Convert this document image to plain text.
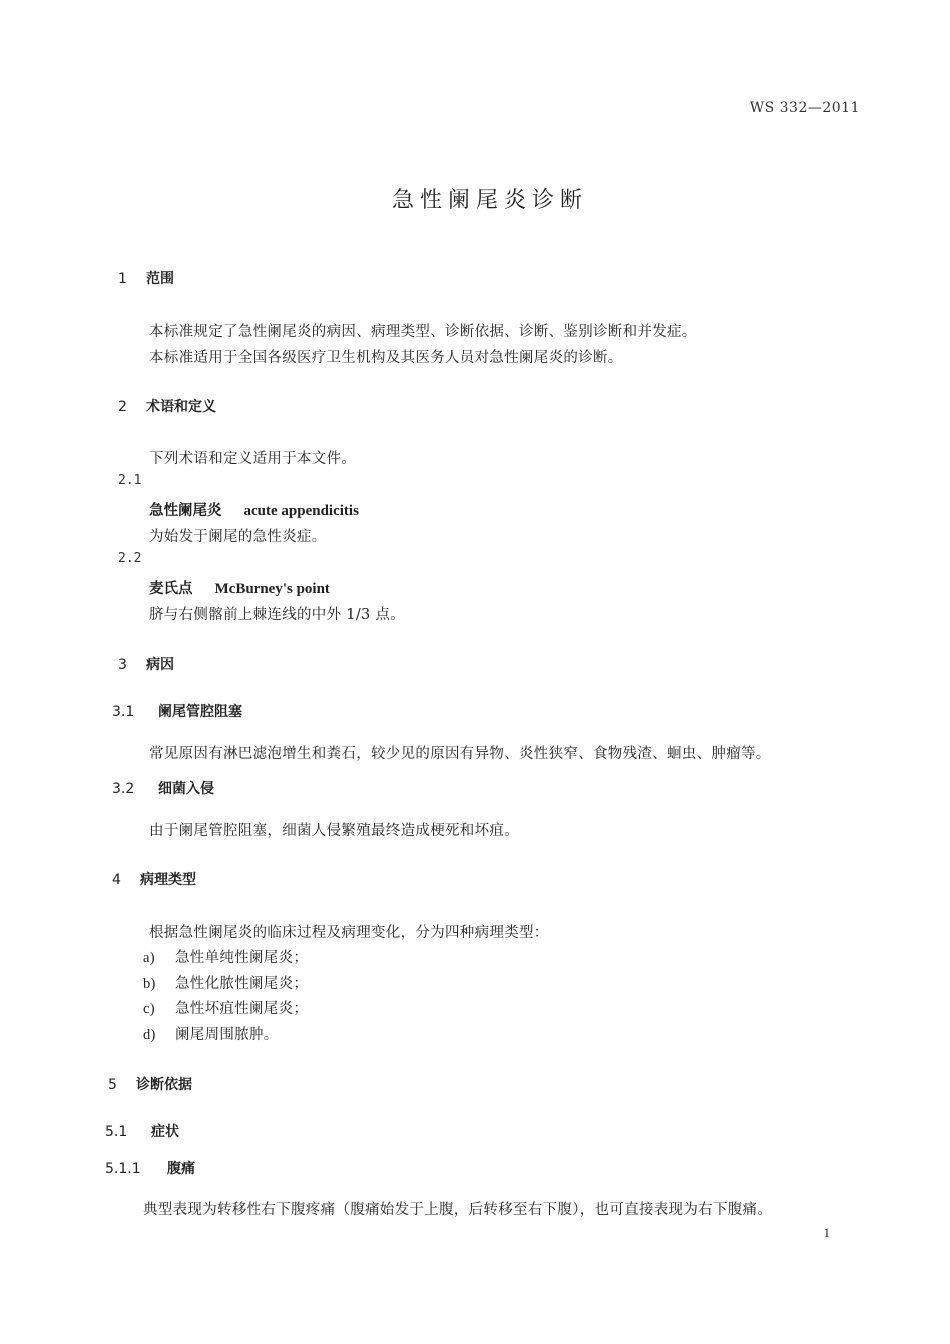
WS 332—2011
急性阑尾炎诊断
1 范围
本标准规定了急性阑尾炎的病因、病理类型、诊断依据、诊断、鉴别诊断和并发症。
本标准适用于全国各级医疗卫生机构及其医务人员对急性阑尾炎的诊断。
2 术语和定义
下列术语和定义适用于本文件。
2.1
急性阑尾炎 acute appendicitis
为始发于阑尾的急性炎症。
2.2
麦氏点 McBurney's point
脐与右侧髂前上棘连线的中外 1/3 点。
3 病因
3.1 阑尾管腔阻塞
常见原因有淋巴滤泡增生和粪石，较少见的原因有异物、炎性狭窄、食物残渣、蛔虫、肿瘤等。
3.2 细菌入侵
由于阑尾管腔阻塞，细菌人侵繁殖最终造成梗死和坏疽。
4 病理类型
根据急性阑尾炎的临床过程及病理变化，分为四种病理类型：
a) 急性单纯性阑尾炎；
b) 急性化脓性阑尾炎；
c) 急性坏疽性阑尾炎；
d) 阑尾周围脓肿。
5 诊断依据
5.1 症状
5.1.1 腹痛
典型表现为转移性右下腹疼痛（腹痛始发于上腹，后转移至右下腹），也可直接表现为右下腹痛。
1
